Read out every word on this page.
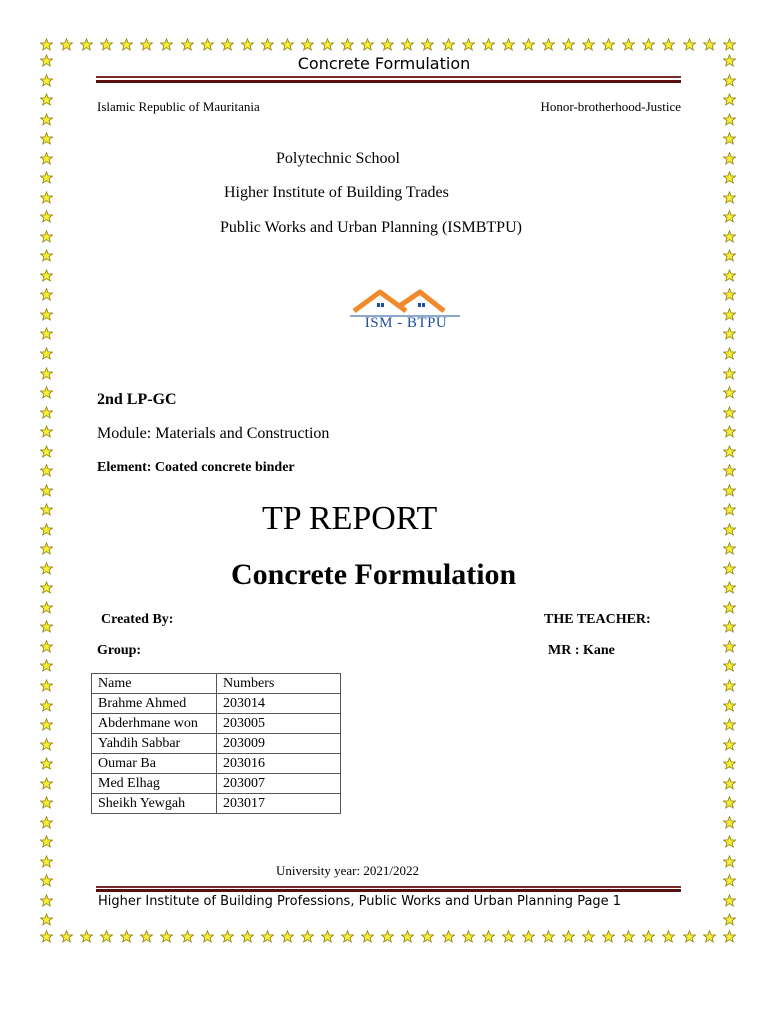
Concrete Formulation
Islamic Republic of Mauritania	Honor-brotherhood-Justice
Polytechnic School
Higher Institute of Building Trades
Public Works and Urban Planning (ISMBTPU)
ISM - BTPU
2nd LP-GC
Module: Materials and Construction
Element: Coated concrete binder
TP REPORT
Concrete Formulation
Created By:	THE TEACHER:
Group:	MR : Kane
Name	Numbers
Brahme Ahmed	203014
Abderhmane won	203005
Yahdih Sabbar	203009
Oumar Ba	203016
Med Elhag	203007
Sheikh Yewgah	203017
University year: 2021/2022
Higher Institute of Building Professions, Public Works and Urban Planning Page 1
